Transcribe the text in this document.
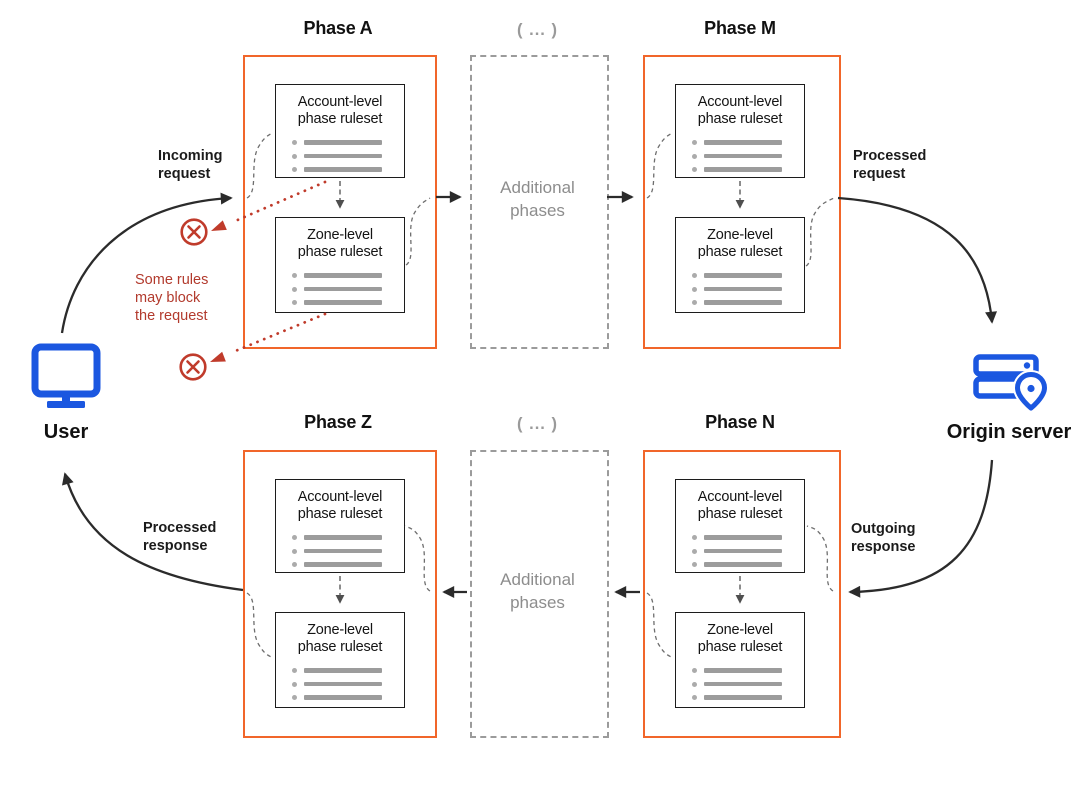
Phase A	( ... )	Phase M
Phase Z	( ... )	Phase N
Account-level
phase ruleset
Zone-level
phase ruleset
Additional
phases
Account-level
phase ruleset
Zone-level
phase ruleset
Account-level
phase ruleset
Zone-level
phase ruleset
Additional
phases
Account-level
phase ruleset
Zone-level
phase ruleset
User	Origin server
Incoming
request
Processed
request
Outgoing
response
Processed
response
Some rules
may block
the request
